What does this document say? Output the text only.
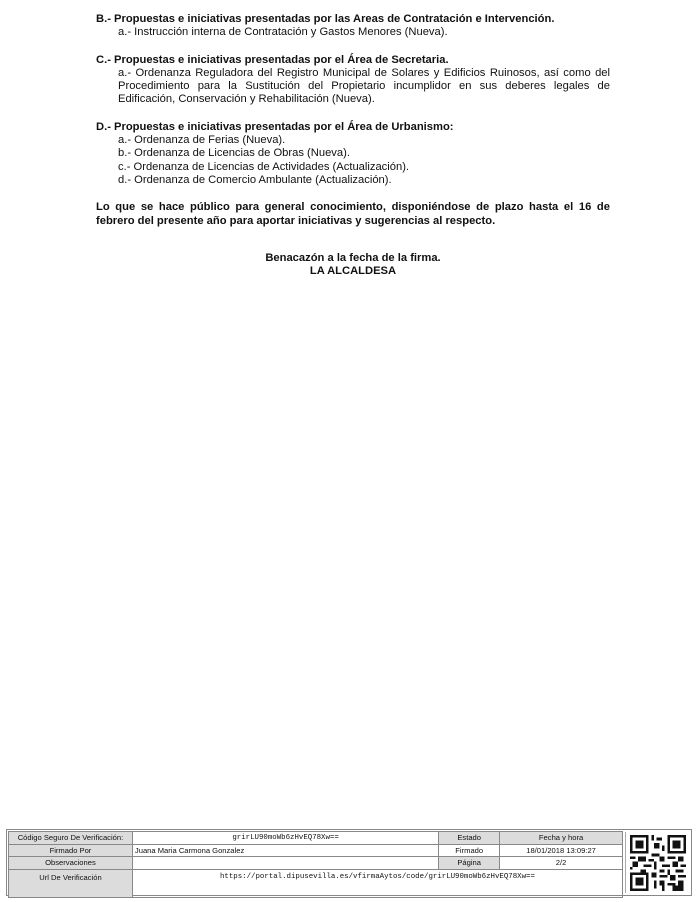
B.- Propuestas e iniciativas presentadas por las Areas de Contratación e Intervención.
a.- Instrucción interna de Contratación y Gastos Menores (Nueva).
C.- Propuestas e iniciativas presentadas por el Área de Secretaria.
a.- Ordenanza Reguladora del Registro Municipal de Solares y Edificios Ruinosos, así como del Procedimiento para la Sustitución del Propietario incumplidor en sus deberes legales de Edificación, Conservación y Rehabilitación (Nueva).
D.- Propuestas e iniciativas presentadas por el Área de Urbanismo:
a.- Ordenanza de Ferias (Nueva).
b.- Ordenanza de Licencias de Obras (Nueva).
c.- Ordenanza de Licencias de Actividades (Actualización).
d.- Ordenanza de Comercio Ambulante (Actualización).
Lo que se hace público para general conocimiento, disponiéndose de plazo hasta el 16 de febrero del presente año para aportar iniciativas y sugerencias al respecto.
Benacazón a la fecha de la firma.
LA ALCALDESA
Código Seguro De Verificación:	grirLU90moWb6zHvEQ78Xw==	Estado	Fecha y hora
Firmado Por	Juana Maria Carmona Gonzalez	Firmado	18/01/2018 13:09:27
Observaciones		Página	2/2
Url De Verificación	https://portal.dipusevilla.es/vfirmaAytos/code/grirLU90moWb6zHvEQ78Xw==		
